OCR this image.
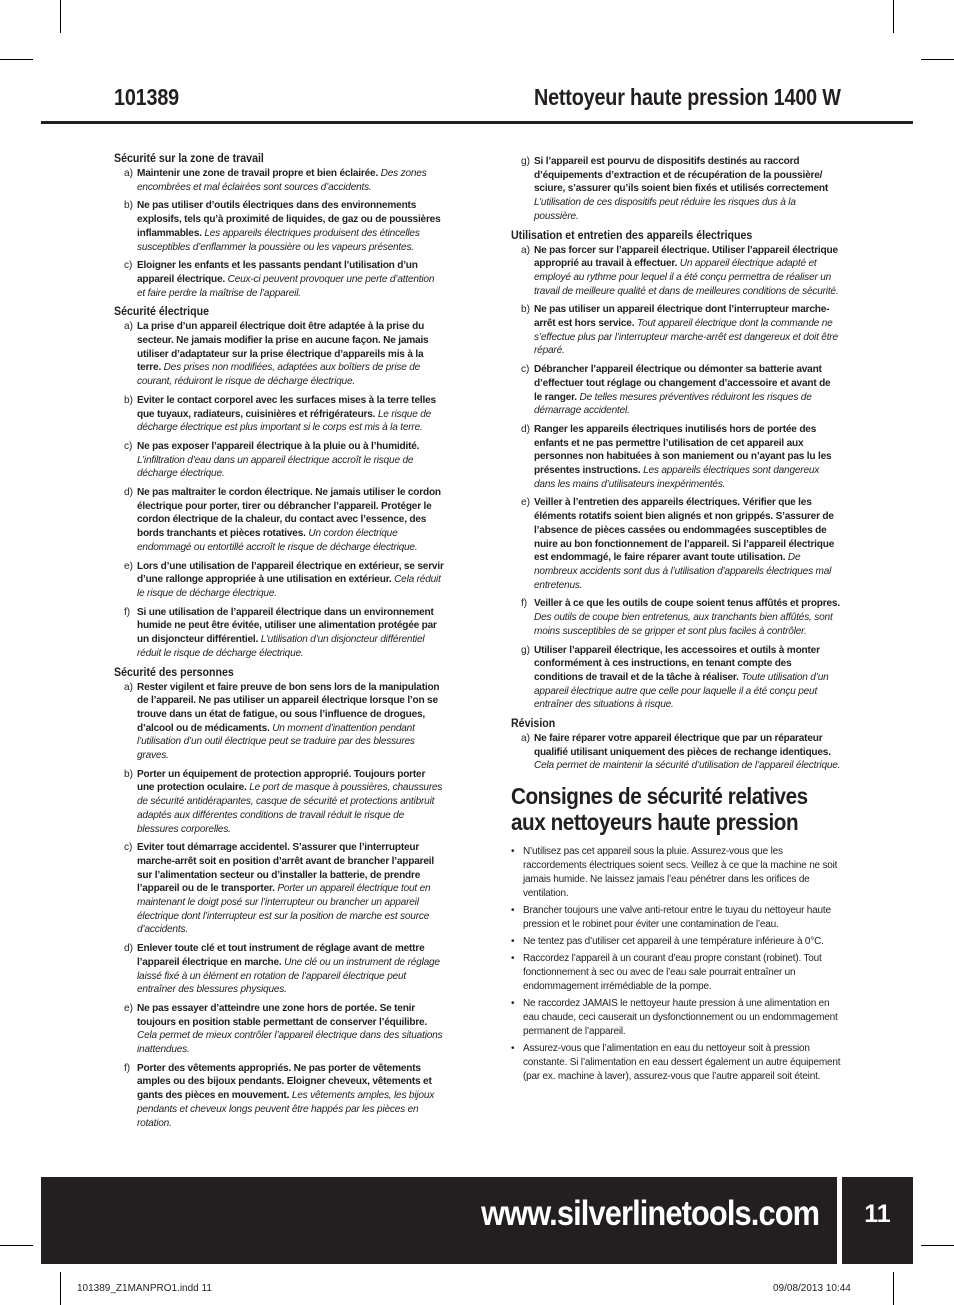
101389	Nettoyeur haute pression 1400 W
Sécurité sur la zone de travail
a) Maintenir une zone de travail propre et bien éclairée. Des zones encombrées et mal éclairées sont sources d’accidents.
b) Ne pas utiliser d’outils électriques dans des environnements explosifs, tels qu’à proximité de liquides, de gaz ou de poussières inflammables. Les appareils électriques produisent des étincelles susceptibles d’enflammer la poussière ou les vapeurs présentes.
c) Eloigner les enfants et les passants pendant l’utilisation d’un appareil électrique. Ceux-ci peuvent provoquer une perte d’attention et faire perdre la maîtrise de l’appareil.
Sécurité électrique
a) La prise d’un appareil électrique doit être adaptée à la prise du secteur. Ne jamais modifier la prise en aucune façon. Ne jamais utiliser d’adaptateur sur la prise électrique d’appareils mis à la terre. Des prises non modifiées, adaptées aux boîtiers de prise de courant, réduiront le risque de décharge électrique.
b) Eviter le contact corporel avec les surfaces mises à la terre telles que tuyaux, radiateurs, cuisinières et réfrigérateurs. Le risque de décharge électrique est plus important si le corps est mis à la terre.
c) Ne pas exposer l’appareil électrique à la pluie ou à l’humidité. L’infiltration d’eau dans un appareil électrique accroît le risque de décharge électrique.
d) Ne pas maltraiter le cordon électrique. Ne jamais utiliser le cordon électrique pour porter, tirer ou débrancher l’appareil. Protéger le cordon électrique de la chaleur, du contact avec l’essence, des bords tranchants et pièces rotatives. Un cordon électrique endommagé ou entortillé accroît le risque de décharge électrique.
e) Lors d’une utilisation de l’appareil électrique en extérieur, se servir d’une rallonge appropriée à une utilisation en extérieur. Cela réduit le risque de décharge électrique.
f) Si une utilisation de l’appareil électrique dans un environnement humide ne peut être évitée, utiliser une alimentation protégée par un disjoncteur différentiel. L’utilisation d’un disjoncteur différentiel réduit le risque de décharge électrique.
Sécurité des personnes
a) Rester vigilent et faire preuve de bon sens lors de la manipulation de l’appareil. Ne pas utiliser un appareil électrique lorsque l’on se trouve dans un état de fatigue, ou sous l’influence de drogues, d’alcool ou de médicaments. Un moment d’inattention pendant l’utilisation d’un outil électrique peut se traduire par des blessures graves.
b) Porter un équipement de protection approprié. Toujours porter une protection oculaire. Le port de masque à poussières, chaussures de sécurité antidérapantes, casque de sécurité et protections antibruit adaptés aux différentes conditions de travail réduit le risque de blessures corporelles.
c) Eviter tout démarrage accidentel. S’assurer que l’interrupteur marche-arrêt soit en position d’arrêt avant de brancher l’appareil sur l’alimentation secteur ou d’installer la batterie, de prendre l’appareil ou de le transporter. Porter un appareil électrique tout en maintenant le doigt posé sur l’interrupteur ou brancher un appareil électrique dont l’interrupteur est sur la position de marche est source d’accidents.
d) Enlever toute clé et tout instrument de réglage avant de mettre l’appareil électrique en marche. Une clé ou un instrument de réglage laissé fixé à un élément en rotation de l’appareil électrique peut entraîner des blessures physiques.
e) Ne pas essayer d’atteindre une zone hors de portée. Se tenir toujours en position stable permettant de conserver l’équilibre. Cela permet de mieux contrôler l’appareil électrique dans des situations inattendues.
f) Porter des vêtements appropriés. Ne pas porter de vêtements amples ou des bijoux pendants. Eloigner cheveux, vêtements et gants des pièces en mouvement. Les vêtements amples, les bijoux pendants et cheveux longs peuvent être happés par les pièces en rotation.
g) Si l’appareil est pourvu de dispositifs destinés au raccord d’équipements d’extraction et de récupération de la poussière/ sciure, s’assurer qu’ils soient bien fixés et utilisés correctement L’utilisation de ces dispositifs peut réduire les risques dus à la poussière.
Utilisation et entretien des appareils électriques
a) Ne pas forcer sur l’appareil électrique. Utiliser l’appareil électrique approprié au travail à effectuer. Un appareil électrique adapté et employé au rythme pour lequel il a été conçu permettra de réaliser un travail de meilleure qualité et dans de meilleures conditions de sécurité.
b) Ne pas utiliser un appareil électrique dont l’interrupteur marche-arrêt est hors service. Tout appareil électrique dont la commande ne s’effectue plus par l’interrupteur marche-arrêt est dangereux et doit être réparé.
c) Débrancher l’appareil électrique ou démonter sa batterie avant d’effectuer tout réglage ou changement d’accessoire et avant de le ranger. De telles mesures préventives réduiront les risques de démarrage accidentel.
d) Ranger les appareils électriques inutilisés hors de portée des enfants et ne pas permettre l’utilisation de cet appareil aux personnes non habituées à son maniement ou n’ayant pas lu les présentes instructions. Les appareils électriques sont dangereux dans les mains d’utilisateurs inexpérimentés.
e) Veiller à l’entretien des appareils électriques. Vérifier que les éléments rotatifs soient bien alignés et non grippés. S’assurer de l’absence de pièces cassées ou endommagées susceptibles de nuire au bon fonctionnement de l’appareil. Si l’appareil électrique est endommagé, le faire réparer avant toute utilisation. De nombreux accidents sont dus à l’utilisation d’appareils électriques mal entretenus.
f) Veiller à ce que les outils de coupe soient tenus affûtés et propres. Des outils de coupe bien entretenus, aux tranchants bien affûtés, sont moins susceptibles de se gripper et sont plus faciles à contrôler.
g) Utiliser l’appareil électrique, les accessoires et outils à monter conformément à ces instructions, en tenant compte des conditions de travail et de la tâche à réaliser. Toute utilisation d’un appareil électrique autre que celle pour laquelle il a été conçu peut entraîner des situations à risque.
Révision
a) Ne faire réparer votre appareil électrique que par un réparateur qualifié utilisant uniquement des pièces de rechange identiques. Cela permet de maintenir la sécurité d’utilisation de l’appareil électrique.
Consignes de sécurité relatives aux nettoyeurs haute pression
• N’utilisez pas cet appareil sous la pluie. Assurez-vous que les raccordements électriques soient secs. Veillez à ce que la machine ne soit jamais humide. Ne laissez jamais l’eau pénétrer dans les orifices de ventilation.
• Brancher toujours une valve anti-retour entre le tuyau du nettoyeur haute pression et le robinet pour éviter une contamination de l’eau.
• Ne tentez pas d’utiliser cet appareil à une température inférieure à 0°C.
• Raccordez l’appareil à un courant d’eau propre constant (robinet). Tout fonctionnement à sec ou avec de l’eau sale pourrait entraîner un endommagement irrémédiable de la pompe.
• Ne raccordez JAMAIS le nettoyeur haute pression à une alimentation en eau chaude, ceci causerait un dysfonctionnement ou un endommagement permanent de l’appareil.
• Assurez-vous que l’alimentation en eau du nettoyeur soit à pression constante. Si l’alimentation en eau dessert également un autre équipement (par ex. machine à laver), assurez-vous que l’autre appareil soit éteint.
www.silverlinetools.com	11
101389_Z1MANPRO1.indd 11	09/08/2013 10:44
